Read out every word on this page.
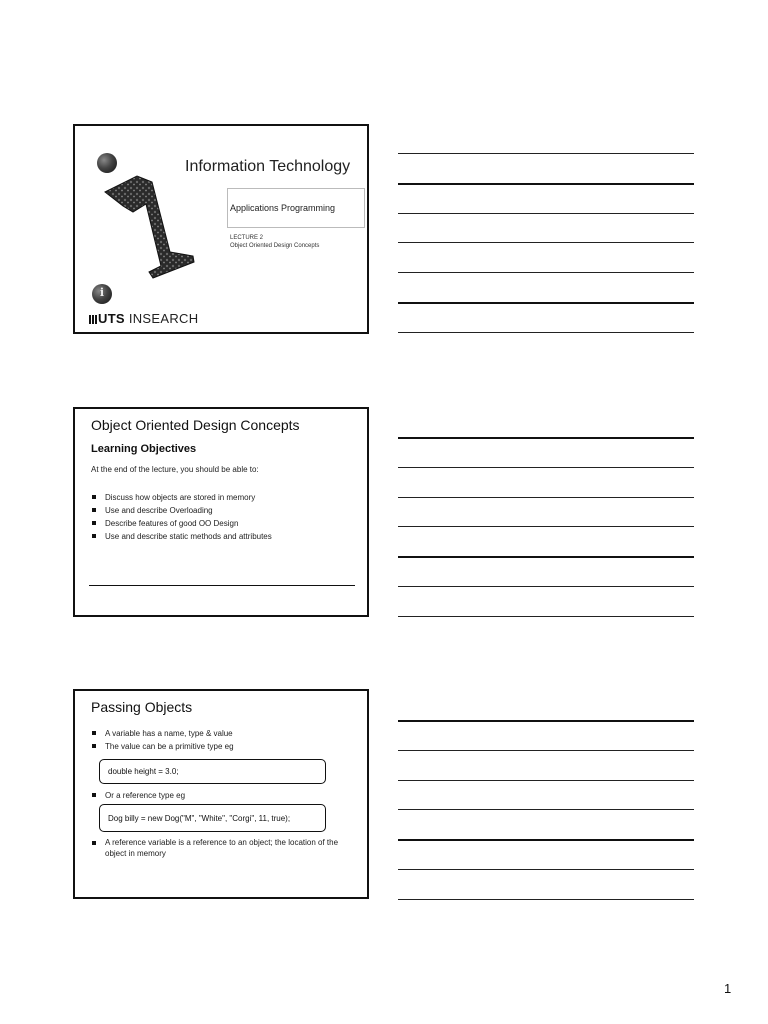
i
Information Technology
Applications Programming
LECTURE 2
Object Oriented Design Concepts
UTS INSEARCH
Object Oriented Design Concepts
Learning Objectives
At the end of the lecture, you should be able to:
Discuss how objects are stored in memory
Use and describe Overloading
Describe features of good OO Design
Use and describe static methods and attributes
Passing Objects
A variable has a name, type & value
The value can be a primitive type eg
double height = 3.0;
Or a reference type eg
Dog billy = new Dog("M", "White", "Corgi", 11, true);
A reference variable is a reference to an object; the location of the object in memory
1
